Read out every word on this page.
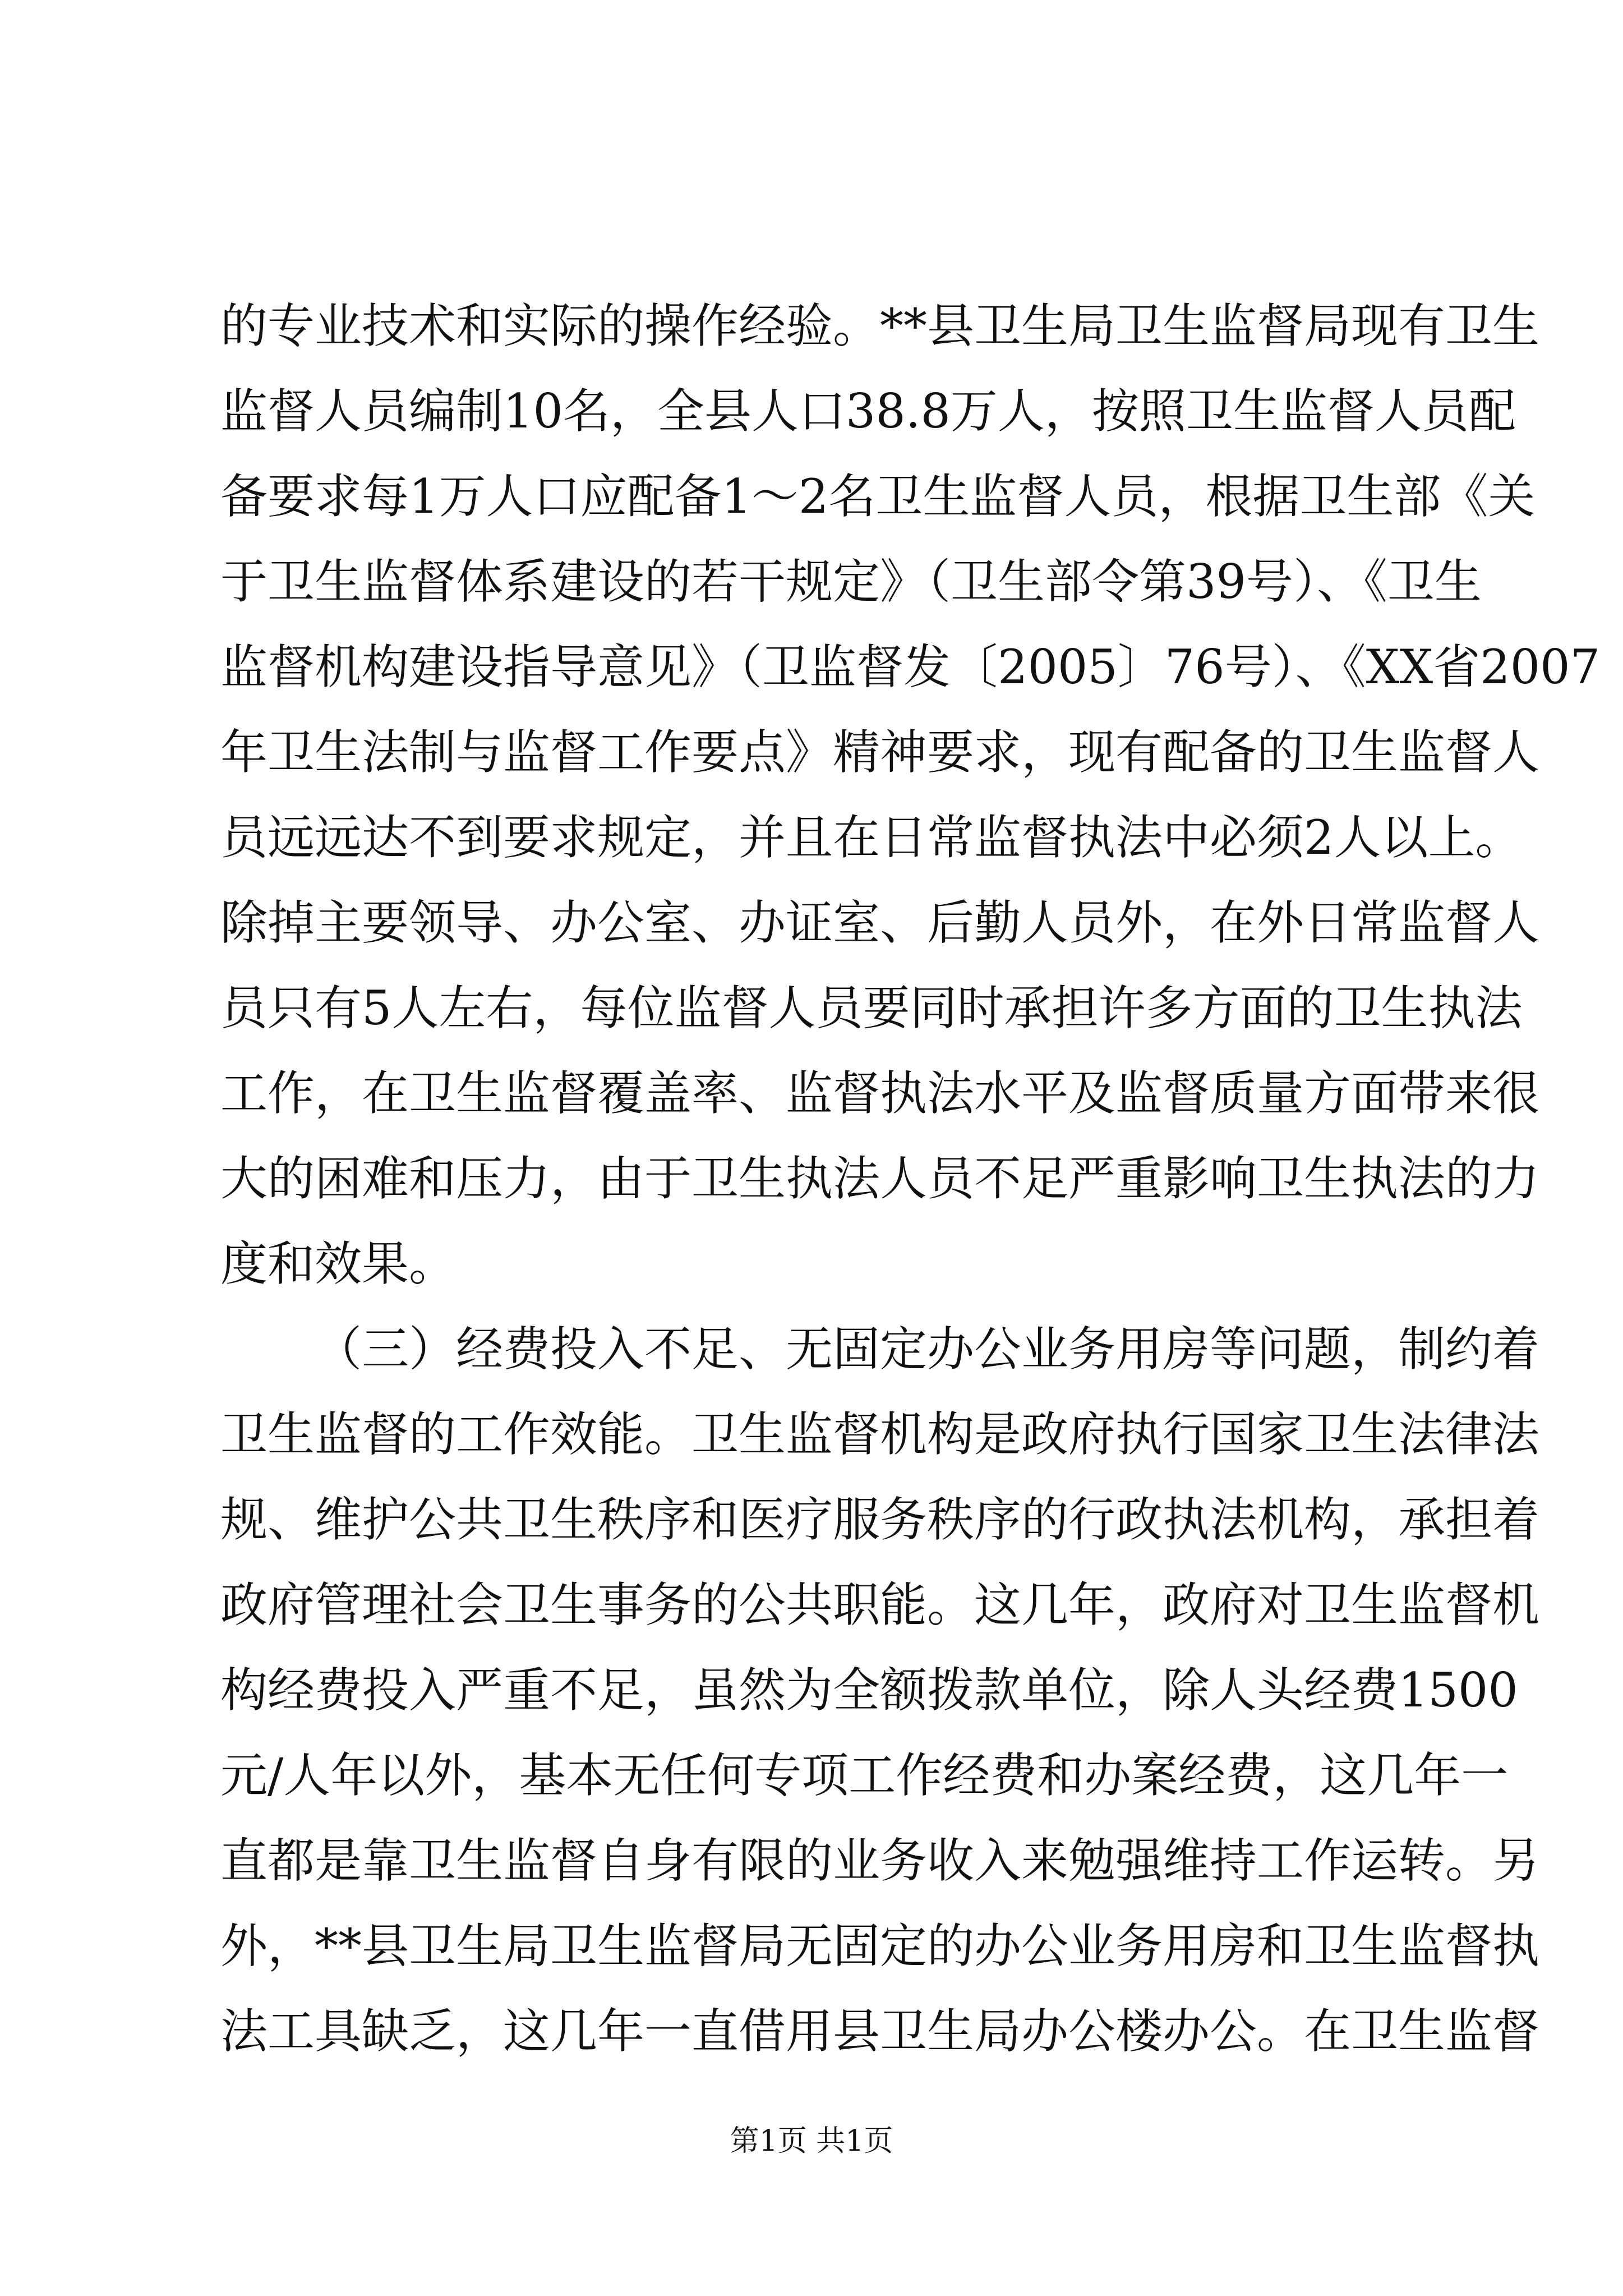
的专业技术和实际的操作经验。**县卫生局卫生监督局现有卫生
监督人员编制10名，全县人口38.8万人，按照卫生监督人员配
备要求每1万人口应配备1～2名卫生监督人员，根据卫生部《关
于卫生监督体系建设的若干规定》（卫生部令第39号）、《卫生
监督机构建设指导意见》（卫监督发〔2005〕76号）、《XX省2007
年卫生法制与监督工作要点》精神要求，现有配备的卫生监督人
员远远达不到要求规定，并且在日常监督执法中必须2人以上。
除掉主要领导、办公室、办证室、后勤人员外，在外日常监督人
员只有5人左右，每位监督人员要同时承担许多方面的卫生执法
工作，在卫生监督覆盖率、监督执法水平及监督质量方面带来很
大的困难和压力，由于卫生执法人员不足严重影响卫生执法的力
度和效果。
（三）经费投入不足、无固定办公业务用房等问题，制约着
卫生监督的工作效能。卫生监督机构是政府执行国家卫生法律法
规、维护公共卫生秩序和医疗服务秩序的行政执法机构，承担着
政府管理社会卫生事务的公共职能。这几年，政府对卫生监督机
构经费投入严重不足，虽然为全额拨款单位，除人头经费1500
元/人年以外，基本无任何专项工作经费和办案经费，这几年一
直都是靠卫生监督自身有限的业务收入来勉强维持工作运转。另
外，**县卫生局卫生监督局无固定的办公业务用房和卫生监督执
法工具缺乏，这几年一直借用县卫生局办公楼办公。在卫生监督
第1页 共1页
